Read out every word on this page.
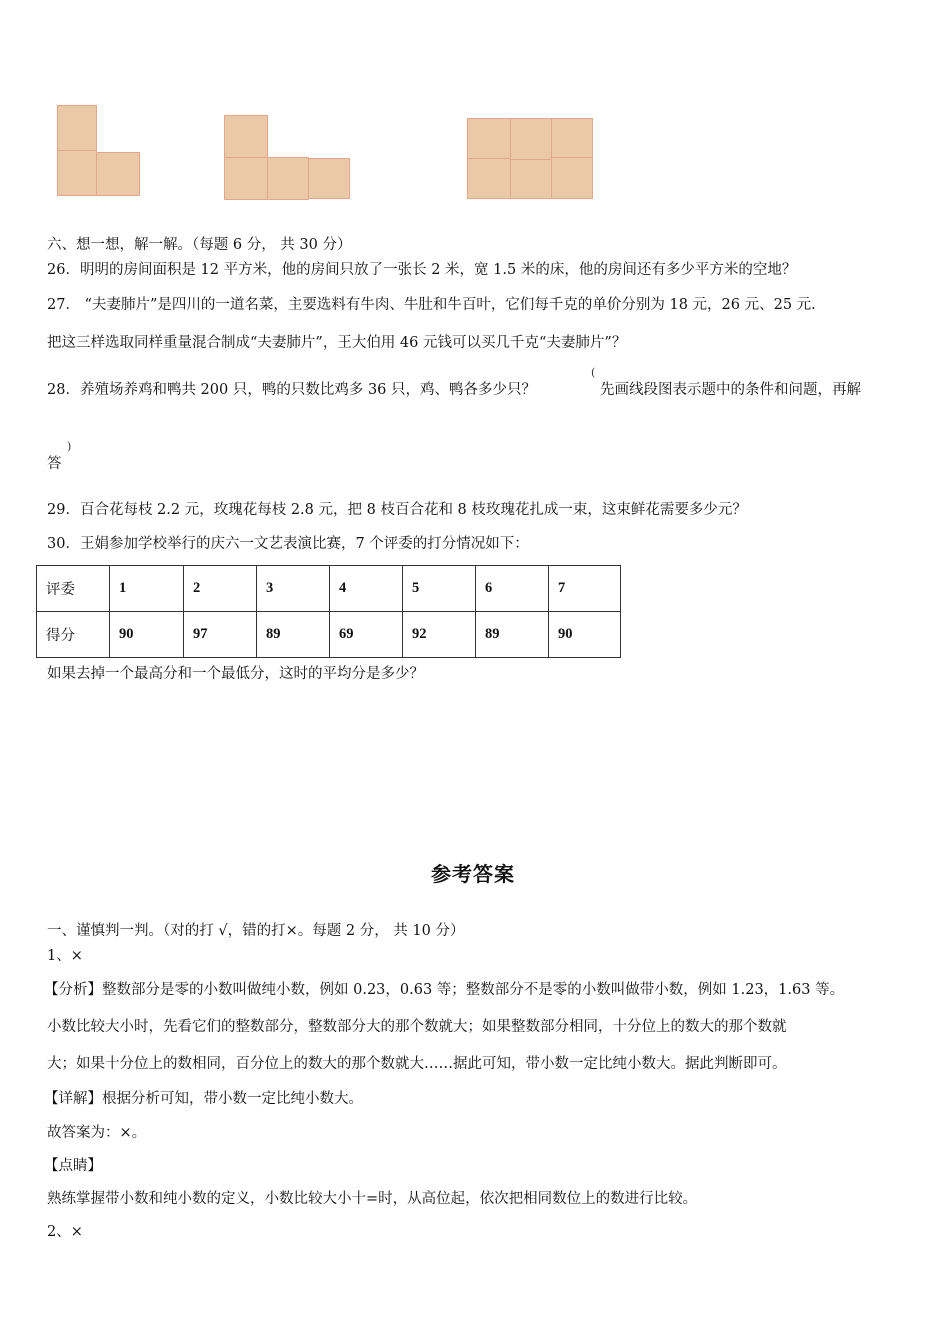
六、想一想，解一解。（每题 6 分， 共 30 分）
26．明明的房间面积是 12 平方米，他的房间只放了一张长 2 米，宽 1.5 米的床，他的房间还有多少平方米的空地？
27． “夫妻肺片”是四川的一道名菜，主要选料有牛肉、牛肚和牛百叶，它们每千克的单价分别为 18 元，26 元、25 元.
把这三样选取同样重量混合制成“夫妻肺片”，王大伯用 46 元钱可以买几千克“夫妻肺片”？
28．养殖场养鸡和鸭共 200 只，鸭的只数比鸡多 36 只，鸡、鸭各多少只？
(
先画线段图表示题中的条件和问题，再解
)
答
29．百合花每枝 2.2 元，玫瑰花每枝 2.8 元，把 8 枝百合花和 8 枝玫瑰花扎成一束，这束鲜花需要多少元？
30．王娟参加学校举行的庆六一文艺表演比赛，7 个评委的打分情况如下：
评委	1	2	3	4	5	6	7
得分	90	97	89	69	92	89	90
如果去掉一个最高分和一个最低分，这时的平均分是多少？
参考答案
一、谨慎判一判。（对的打 √，错的打×。每题 2 分， 共 10 分）
1、×
【分析】整数部分是零的小数叫做纯小数，例如 0.23，0.63 等；整数部分不是零的小数叫做带小数，例如 1.23，1.63 等。
小数比较大小时，先看它们的整数部分，整数部分大的那个数就大；如果整数部分相同，十分位上的数大的那个数就
大；如果十分位上的数相同，百分位上的数大的那个数就大……据此可知，带小数一定比纯小数大。据此判断即可。
【详解】根据分析可知，带小数一定比纯小数大。
故答案为：×。
【点睛】
熟练掌握带小数和纯小数的定义，小数比较大小十=时，从高位起，依次把相同数位上的数进行比较。
2、×
